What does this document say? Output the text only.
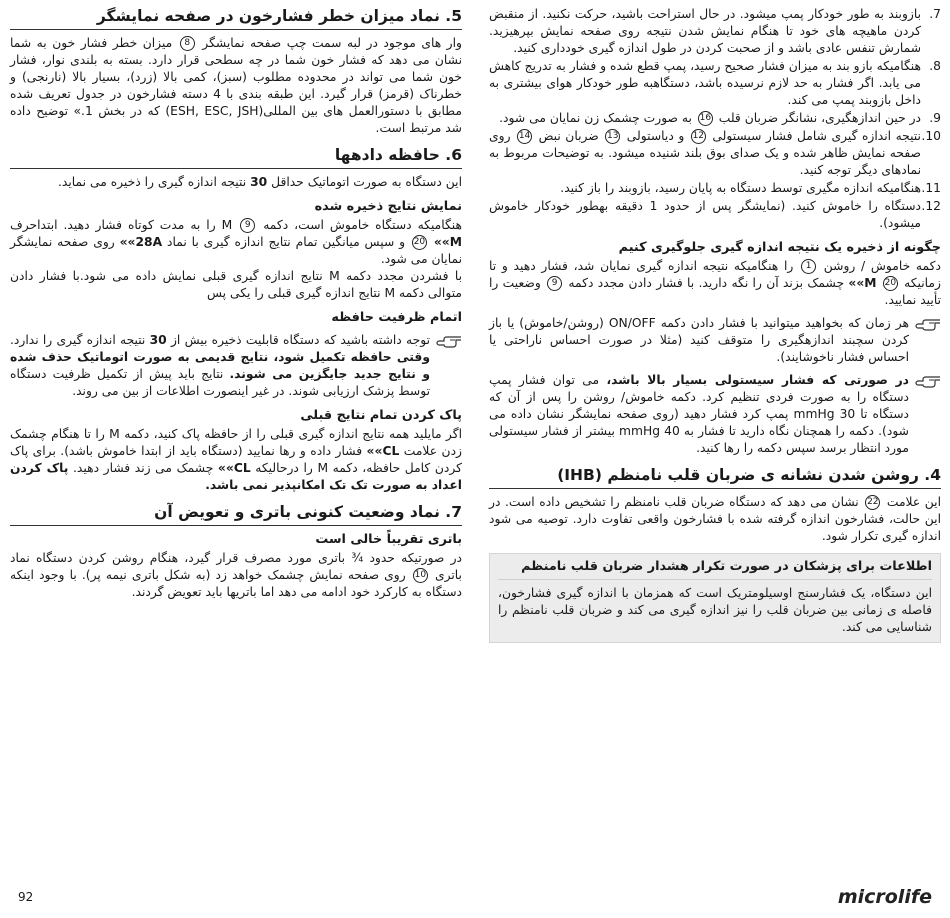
7.
بازوبند به طور خودکار پمپ میشود. در حال استراحت باشید، حرکت نکنید. از منقبض کردن ماهیچه های خود تا هنگام نمایش شدن نتیجه روی صفحه نمایش بپرهیزید. شمارش تنفس عادی باشد و از صحبت کردن در طول اندازه گیری خودداری کنید.
8.
هنگامیکه بازو بند به میزان فشار صحیح رسید، پمپ قطع شده و فشار به تدریج کاهش می یابد. اگر فشار به حد لازم نرسیده باشد، دستگاهبه طور خودکار هوای بیشتری به داخل بازوبند پمپ می کند.
9.
در حین اندازهگیری، نشانگر ضربان قلب 16 به صورت چشمک زن نمایان می شود.
10.
نتیجه اندازه گیری شامل فشار سیستولی 12 و دیاستولی 13 ضربان نبض 14 روی صفحه نمایش ظاهر شده و یک صدای بوق بلند شنیده میشود. به توضیحات مربوط به نمادهای دیگر توجه کنید.
11.
هنگامیکه اندازه مگیری توسط دستگاه به پایان رسید، بازوبند را باز کنید.
12.
دستگاه را خاموش کنید. (نمایشگر پس از حدود 1 دقیقه بهطور خودکار خاموش میشود).
چگونه از ذخیره یک نتیجه اندازه گیری جلوگیری کنیم

دکمه خاموش / روشن 1 را هنگامیکه نتیجه اندازه گیری نمایان شد، فشار دهید و تا زمانیکه 20 M»» چشمک بزند آن را نگه دارید. با فشار دادن مجدد دکمه 9 وضعیت را تأیید نمایید.

هر زمان که بخواهید میتوانید با فشار دادن دکمه ON/OFF (روشن/خاموش) یا باز کردن سچبند اندازهگیری را متوقف کنید (مثلا در صورت احساس ناراحتی یا احساس فشار ناخوشایند).

در صورتی که فشار سیستولی بسیار بالا باشد، می توان فشار پمپ دستگاه را به صورت فردی تنظیم کرد. دکمه خاموش/ روشن را پس از آن که دستگاه تا 30 mmHg پمپ کرد فشار دهید (روی صفحه نمایشگر نشان داده می شود). دکمه را همچنان نگاه دارید تا فشار به 40 mmHg بیشتر از فشار سیستولی مورد انتظار برسد سپس دکمه را رها کنید.

4. روشن شدن نشانه ی ضربان قلب نامنظم (IHB)

این علامت 22 نشان می دهد که دستگاه ضربان قلب نامنظم را تشخیص داده است. در این حالت، فشارخون اندازه گرفته شده با فشارخون واقعی تفاوت دارد. توصیه می شود اندازه گیری تکرار شود.

اطلاعات برای پزشکان در صورت تکرار هشدار ضربان قلب نامنظم

این دستگاه، یک فشارسنج اوسیلومتریک است که همزمان با اندازه گیری فشارخون، فاصله ی زمانی بین ضربان قلب را نیز اندازه گیری می کند و ضربان قلب نامنظم را شناسایی می کند.

5. نماد میزان خطر فشارخون در صفحه نمایشگر

وار های موجود در لبه سمت چپ صفحه نمایشگر 8 میزان خطر فشار خون به شما نشان می دهد که فشار خون شما در چه سطحی قرار دارد. بسته به بلندی نوار، فشار خون شما می تواند در محدوده مطلوب (سبز)، کمی بالا (زرد)، بسیار بالا (نارنجی) و خطرناک (قرمز) قرار گیرد. این طبقه بندی با 4 دسته فشارخون در جدول تعریف شده مطابق با دستورالعمل های بین المللی(ESH, ESC, JSH) که در بخش 1.» توضیح داده شد مرتبط است.

6. حافظه دادهها

این دستگاه به صورت اتوماتیک حداقل 30 نتیجه اندازه گیری را ذخیره می نماید.

نمایش نتایج ذخیره شده

هنگامیکه دستگاه خاموش است، دکمه 9 M را به مدت کوتاه فشار دهید. ابتداحرف M»» 20 و سپس میانگین تمام نتایج اندازه گیری با نماد 28A»» روی صفحه نمایشگر نمایان می شود.

با فشردن مجدد دکمه M نتایج اندازه گیری قبلی نمایش داده می شود.با فشار دادن متوالی دکمه M نتایج اندازه گیری قبلی را یکی پس

اتمام ظرفیت حافظه

توجه داشته باشید که دستگاه قابلیت ذخیره بیش از 30 نتیجه اندازه گیری را ندارد. وقتی حافظه تکمیل شود، نتایج قدیمی به صورت اتوماتیک حذف شده و نتایج جدید جایگزین می شوند. نتایج باید پیش از تکمیل ظرفیت دستگاه توسط پزشک ارزیابی شوند. در غیر اینصورت اطلاعات از بین می روند.

پاک کردن تمام نتایج قبلی

اگر مایلید همه نتایج اندازه گیری قبلی را از حافظه پاک کنید، دکمه M را تا هنگام چشمک زدن علامت CL»» فشار داده و رها نمایید (دستگاه باید از ابتدا خاموش باشد). برای پاک کردن کامل حافظه، دکمه M را درحالیکه CL»» چشمک می زند فشار دهید. پاک کردن اعداد به صورت تک تک امکانپذیر نمی باشد.

7. نماد وضعیت کنونی باتری و تعویض آن
باتری تقریباً خالی است

در صورتیکه حدود ¾ باتری مورد مصرف قرار گیرد، هنگام روشن کردن دستگاه نماد باتری 10 روی صفحه نمایش چشمک خواهد زد (به شکل باتری نیمه پر). با وجود اینکه دستگاه به کارکرد خود ادامه می دهد اما باتریها باید تعویض گردند.

92	microlife
